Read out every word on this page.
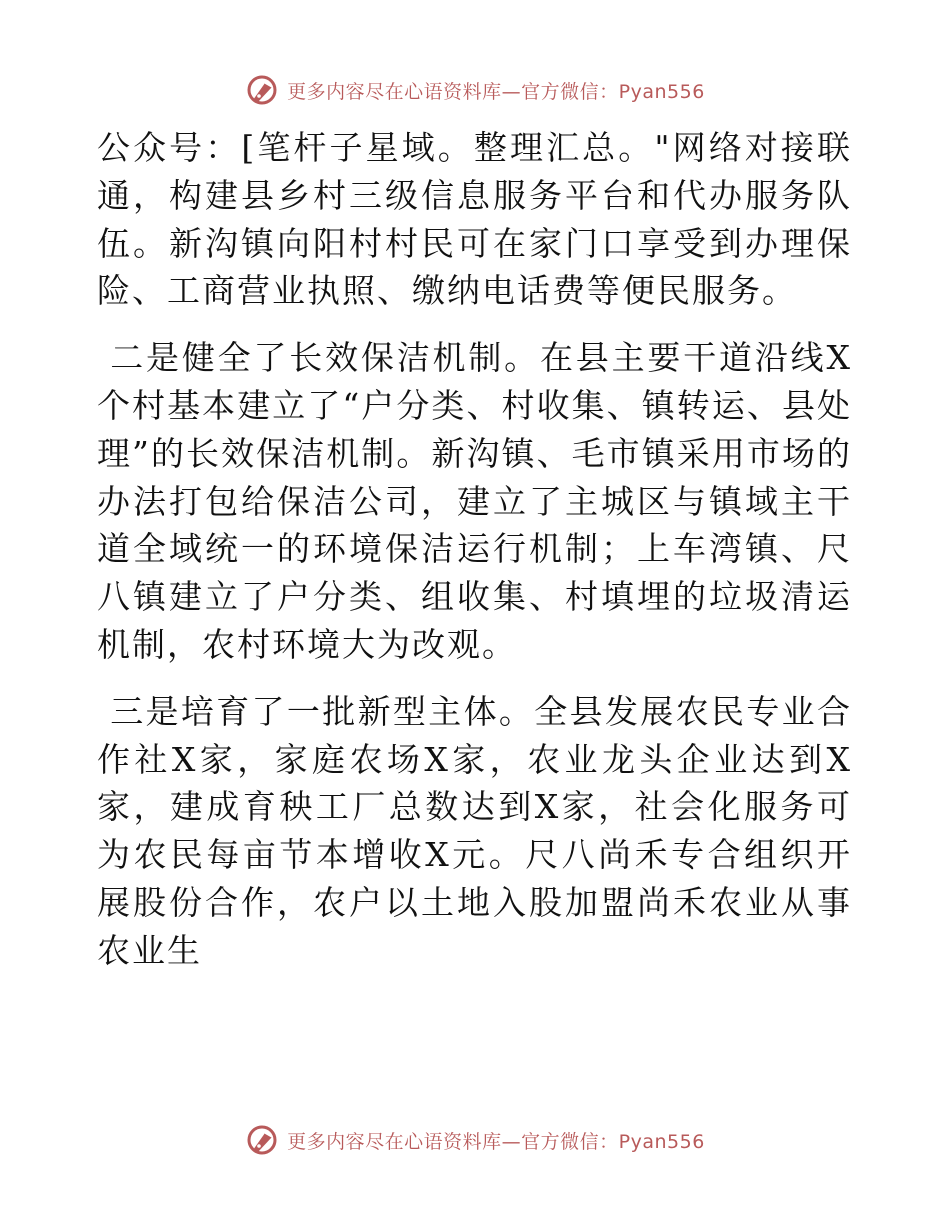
更多内容尽在心语资料库—官方微信：Pyan556

公众号：[笔杆子星域。整理汇总。"网络对接联通，构建县乡村三级信息服务平台和代办服务队伍。新沟镇向阳村村民可在家门口享受到办理保险、工商营业执照、缴纳电话费等便民服务。

二是健全了长效保洁机制。在县主要干道沿线X个村基本建立了“户分类、村收集、镇转运、县处理”的长效保洁机制。新沟镇、毛市镇采用市场的办法打包给保洁公司，建立了主城区与镇域主干道全域统一的环境保洁运行机制；上车湾镇、尺八镇建立了户分类、组收集、村填埋的垃圾清运机制，农村环境大为改观。

三是培育了一批新型主体。全县发展农民专业合作社X家，家庭农场X家，农业龙头企业达到X家，建成育秧工厂总数达到X家，社会化服务可为农民每亩节本增收X元。尺八尚禾专合组织开展股份合作，农户以土地入股加盟尚禾农业从事农业生

更多内容尽在心语资料库—官方微信：Pyan556
